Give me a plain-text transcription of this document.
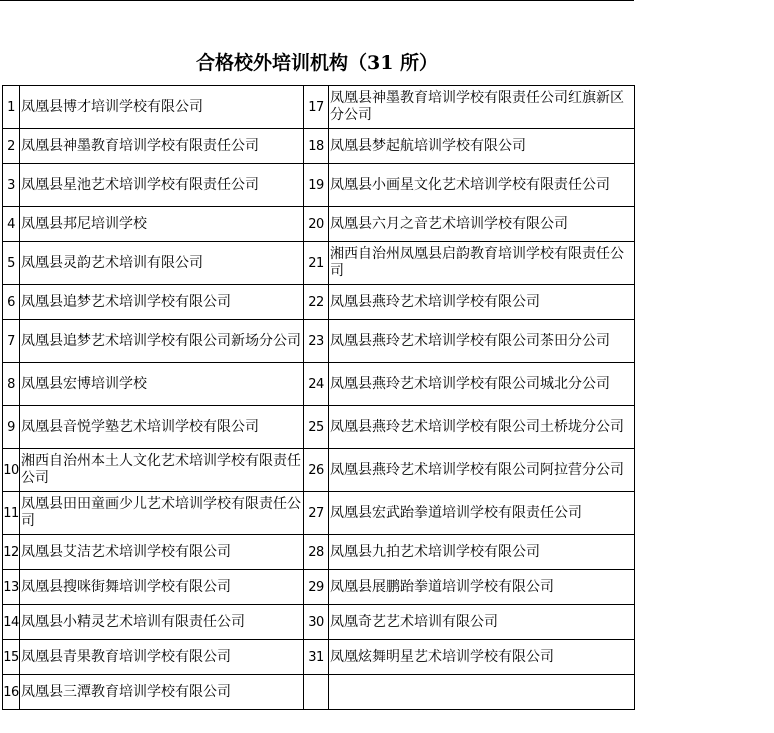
合格校外培训机构（31 所）
1	凤凰县博才培训学校有限公司	17	凤凰县神墨教育培训学校有限责任公司红旗新区分公司
2	凤凰县神墨教育培训学校有限责任公司	18	凤凰县梦起航培训学校有限公司
3	凤凰县星池艺术培训学校有限责任公司	19	凤凰县小画星文化艺术培训学校有限责任公司
4	凤凰县邦尼培训学校	20	凤凰县六月之音艺术培训学校有限公司
5	凤凰县灵韵艺术培训有限公司	21	湘西自治州凤凰县启韵教育培训学校有限责任公司
6	凤凰县追梦艺术培训学校有限公司	22	凤凰县燕玲艺术培训学校有限公司
7	凤凰县追梦艺术培训学校有限公司新场分公司	23	凤凰县燕玲艺术培训学校有限公司茶田分公司
8	凤凰县宏博培训学校	24	凤凰县燕玲艺术培训学校有限公司城北分公司
9	凤凰县音悦学塾艺术培训学校有限公司	25	凤凰县燕玲艺术培训学校有限公司土桥垅分公司
10	湘西自治州本土人文化艺术培训学校有限责任公司	26	凤凰县燕玲艺术培训学校有限公司阿拉营分公司
11	凤凰县田田童画少儿艺术培训学校有限责任公司	27	凤凰县宏武跆拳道培训学校有限责任公司
12	凤凰县艾洁艺术培训学校有限公司	28	凤凰县九拍艺术培训学校有限公司
13	凤凰县搜咪街舞培训学校有限公司	29	凤凰县展鹏跆拳道培训学校有限公司
14	凤凰县小精灵艺术培训有限责任公司	30	凤凰奇艺艺术培训有限公司
15	凤凰县青果教育培训学校有限公司	31	凤凰炫舞明星艺术培训学校有限公司
16	凤凰县三潭教育培训学校有限公司		
